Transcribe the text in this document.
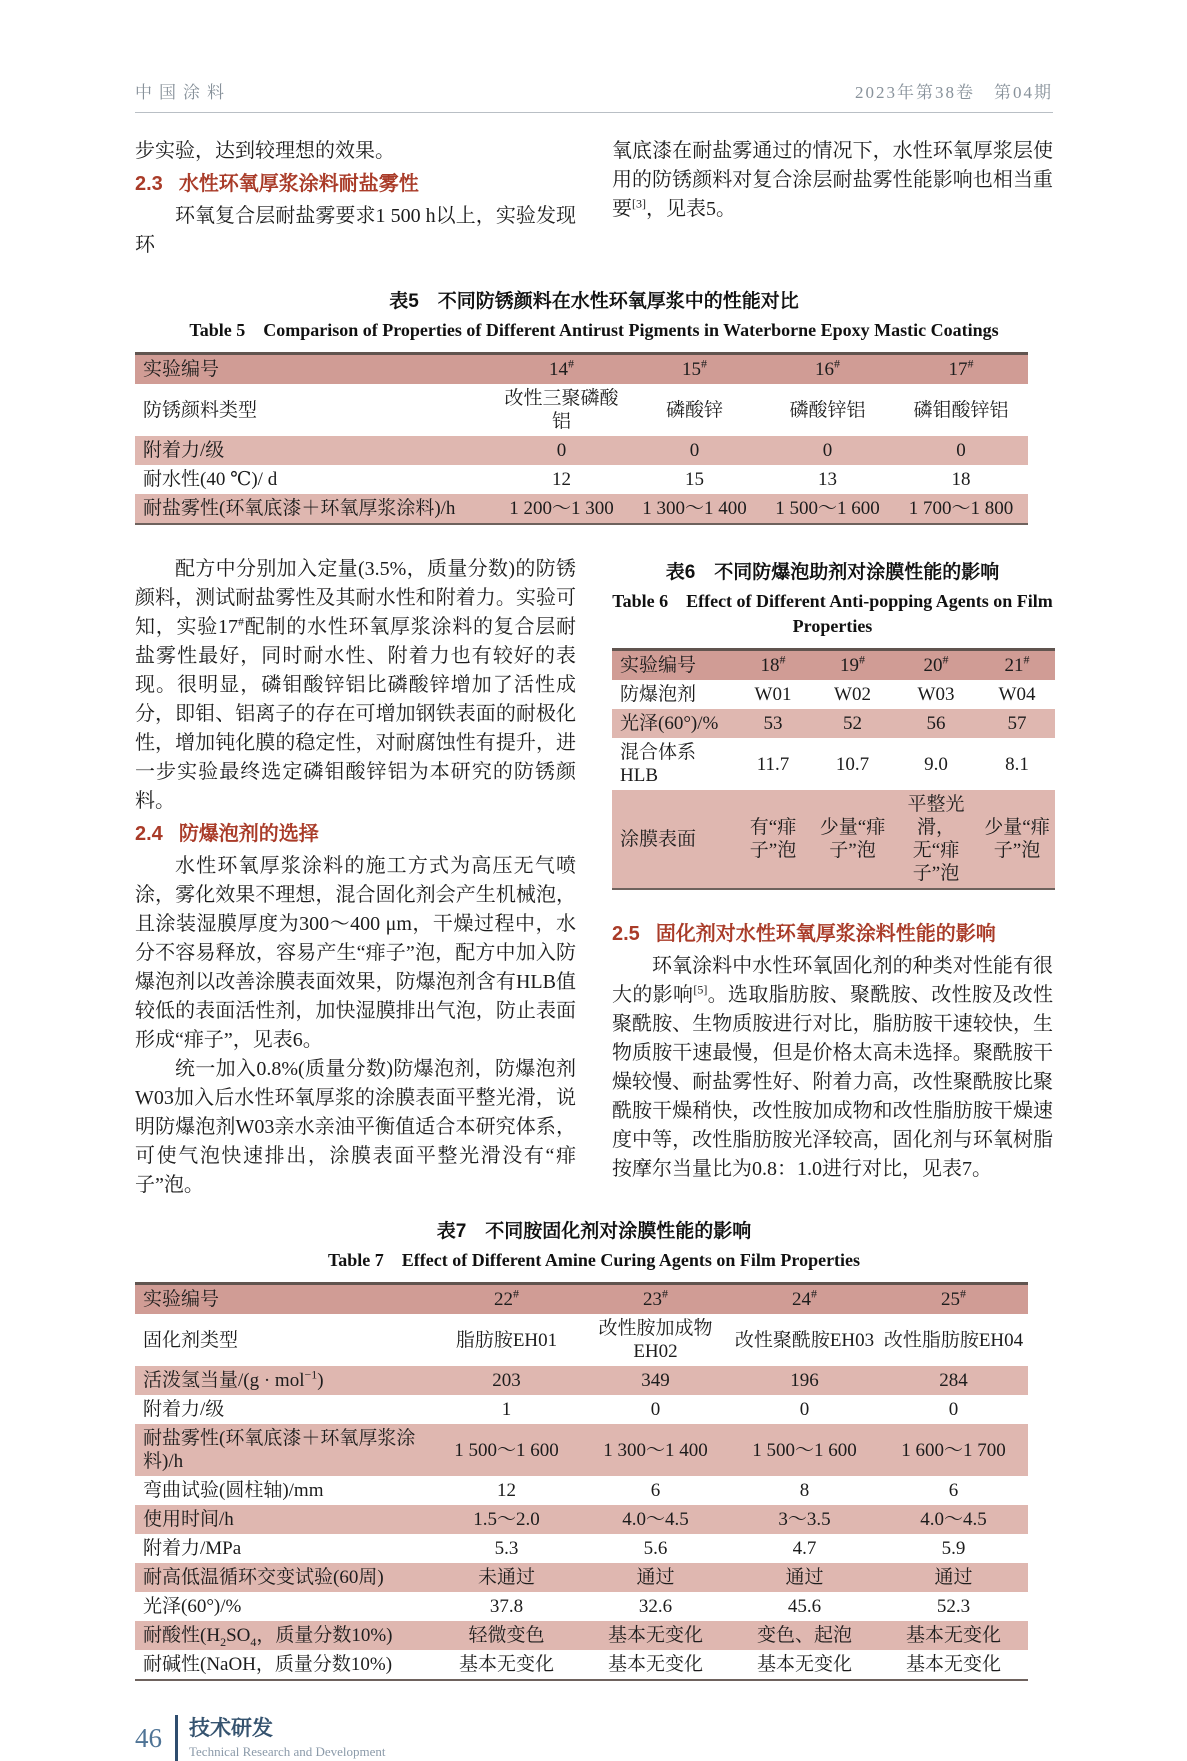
中国涂料	2023年第38卷　第04期

步实验，达到较理想的效果。

2.3 水性环氧厚浆涂料耐盐雾性

环氧复合层耐盐雾要求1 500 h以上，实验发现环

氧底漆在耐盐雾通过的情况下，水性环氧厚浆层使用的防锈颜料对复合涂层耐盐雾性能影响也相当重要[3]，见表5。

表5　不同防锈颜料在水性环氧厚浆中的性能对比
Table 5　Comparison of Properties of Different Antirust Pigments in Waterborne Epoxy Mastic Coatings
实验编号	14#	15#	16#	17#
防锈颜料类型	改性三聚磷酸铝	磷酸锌	磷酸锌铝	磷钼酸锌铝
附着力/级	0	0	0	0
耐水性(40 ℃)/ d	12	15	13	18
耐盐雾性(环氧底漆＋环氧厚浆涂料)/h	1 200～1 300	1 300～1 400	1 500～1 600	1 700～1 800

配方中分别加入定量(3.5%，质量分数)的防锈颜料，测试耐盐雾性及其耐水性和附着力。实验可知，实验17#配制的水性环氧厚浆涂料的复合层耐盐雾性最好，同时耐水性、附着力也有较好的表现。很明显，磷钼酸锌铝比磷酸锌增加了活性成分，即钼、铝离子的存在可增加钢铁表面的耐极化性，增加钝化膜的稳定性，对耐腐蚀性有提升，进一步实验最终选定磷钼酸锌铝为本研究的防锈颜料。

2.4 防爆泡剂的选择

水性环氧厚浆涂料的施工方式为高压无气喷涂，雾化效果不理想，混合固化剂会产生机械泡，且涂装湿膜厚度为300～400 μm，干燥过程中，水分不容易释放，容易产生“痱子”泡，配方中加入防爆泡剂以改善涂膜表面效果，防爆泡剂含有HLB值较低的表面活性剂，加快湿膜排出气泡，防止表面形成“痱子”，见表6。

统一加入0.8%(质量分数)防爆泡剂，防爆泡剂W03加入后水性环氧厚浆的涂膜表面平整光滑，说明防爆泡剂W03亲水亲油平衡值适合本研究体系，可使气泡快速排出，涂膜表面平整光滑没有“痱子”泡。

表6　不同防爆泡助剂对涂膜性能的影响
Table 6　Effect of Different Anti-popping Agents on Film Properties
实验编号	18#	19#	20#	21#
防爆泡剂	W01	W02	W03	W04
光泽(60°)/%	53	52	56	57
混合体系HLB	11.7	10.7	9.0	8.1
涂膜表面	有“痱子”泡	少量“痱子”泡	平整光滑，无“痱子”泡	少量“痱子”泡
2.5 固化剂对水性环氧厚浆涂料性能的影响

环氧涂料中水性环氧固化剂的种类对性能有很大的影响[5]。选取脂肪胺、聚酰胺、改性胺及改性聚酰胺、生物质胺进行对比，脂肪胺干速较快，生物质胺干速最慢，但是价格太高未选择。聚酰胺干燥较慢、耐盐雾性好、附着力高，改性聚酰胺比聚酰胺干燥稍快，改性胺加成物和改性脂肪胺干燥速度中等，改性脂肪胺光泽较高，固化剂与环氧树脂按摩尔当量比为0.8：1.0进行对比，见表7。

表7　不同胺固化剂对涂膜性能的影响
Table 7　Effect of Different Amine Curing Agents on Film Properties
实验编号	22#	23#	24#	25#
固化剂类型	脂肪胺EH01	改性胺加成物EH02	改性聚酰胺EH03	改性脂肪胺EH04
活泼氢当量/(g · mol$^{-1}$)	203	349	196	284
附着力/级	1	0	0	0
耐盐雾性(环氧底漆＋环氧厚浆涂料)/h	1 500～1 600	1 300～1 400	1 500～1 600	1 600～1 700
弯曲试验(圆柱轴)/mm	12	6	8	6
使用时间/h	1.5～2.0	4.0～4.5	3～3.5	4.0～4.5
附着力/MPa	5.3	5.6	4.7	5.9
耐高低温循环交变试验(60周)	未通过	通过	通过	通过
光泽(60°)/%	37.8	32.6	45.6	52.3
耐酸性($H_2SO_4$，质量分数10%)	轻微变色	基本无变化	变色、起泡	基本无变化
耐碱性(NaOH，质量分数10%)	基本无变化	基本无变化	基本无变化	基本无变化
46 技术研发
Technical Research and Development
